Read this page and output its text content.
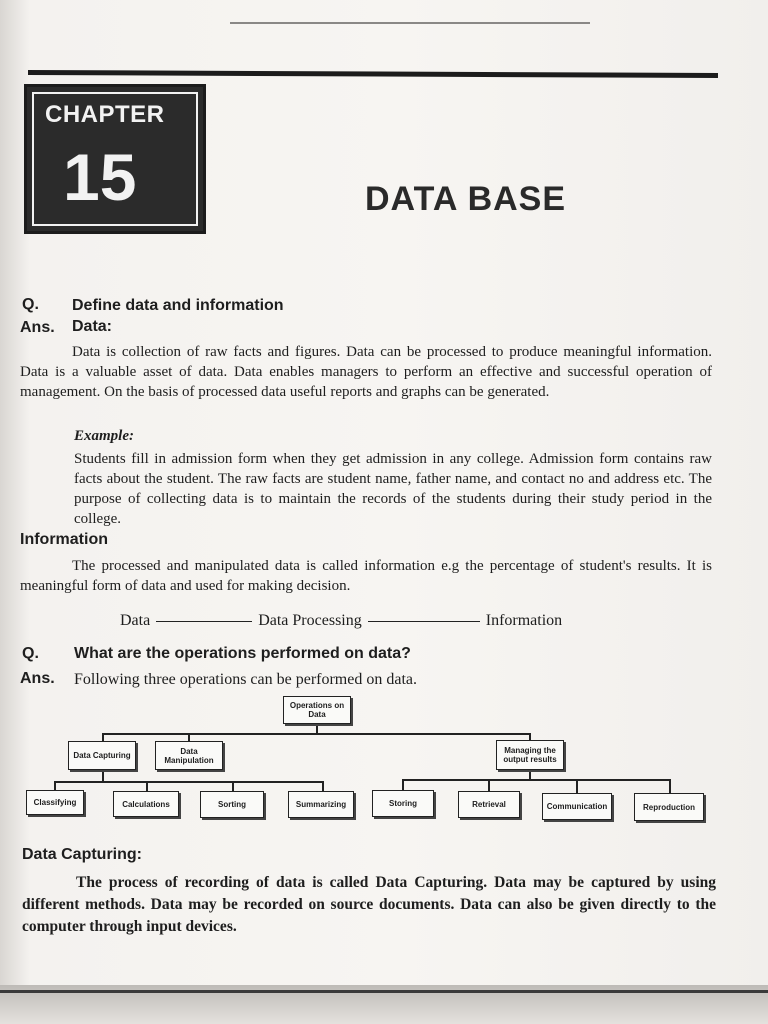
CHAPTER
15	DATA BASE
Q. Define data and information
Ans. Data:
Data is collection of raw facts and figures. Data can be processed to produce meaningful information. Data is a valuable asset of data. Data enables managers to perform an effective and successful operation of management. On the basis of processed data useful reports and graphs can be generated.
Example:
Students fill in admission form when they get admission in any college. Admission form contains raw facts about the student. The raw facts are student name, father name, and contact no and address etc. The purpose of collecting data is to maintain the records of the students during their study period in the college.
Information
The processed and manipulated data is called information e.g the percentage of student's results. It is meaningful form of data and used for making decision.
Data	Data Processing	Information
Q. What are the operations performed on data?
Ans. Following three operations can be performed on data.
Operations on Data
Data Capturing	Data Manipulation
Managing the output results
Classifying	Calculations	Sorting	Summarizing	Storing	Retrieval	Communication	Reproduction
Data Capturing:
The process of recording of data is called Data Capturing. Data may be captured by using different methods. Data may be recorded on source documents. Data can also be given directly to the computer through input devices.
